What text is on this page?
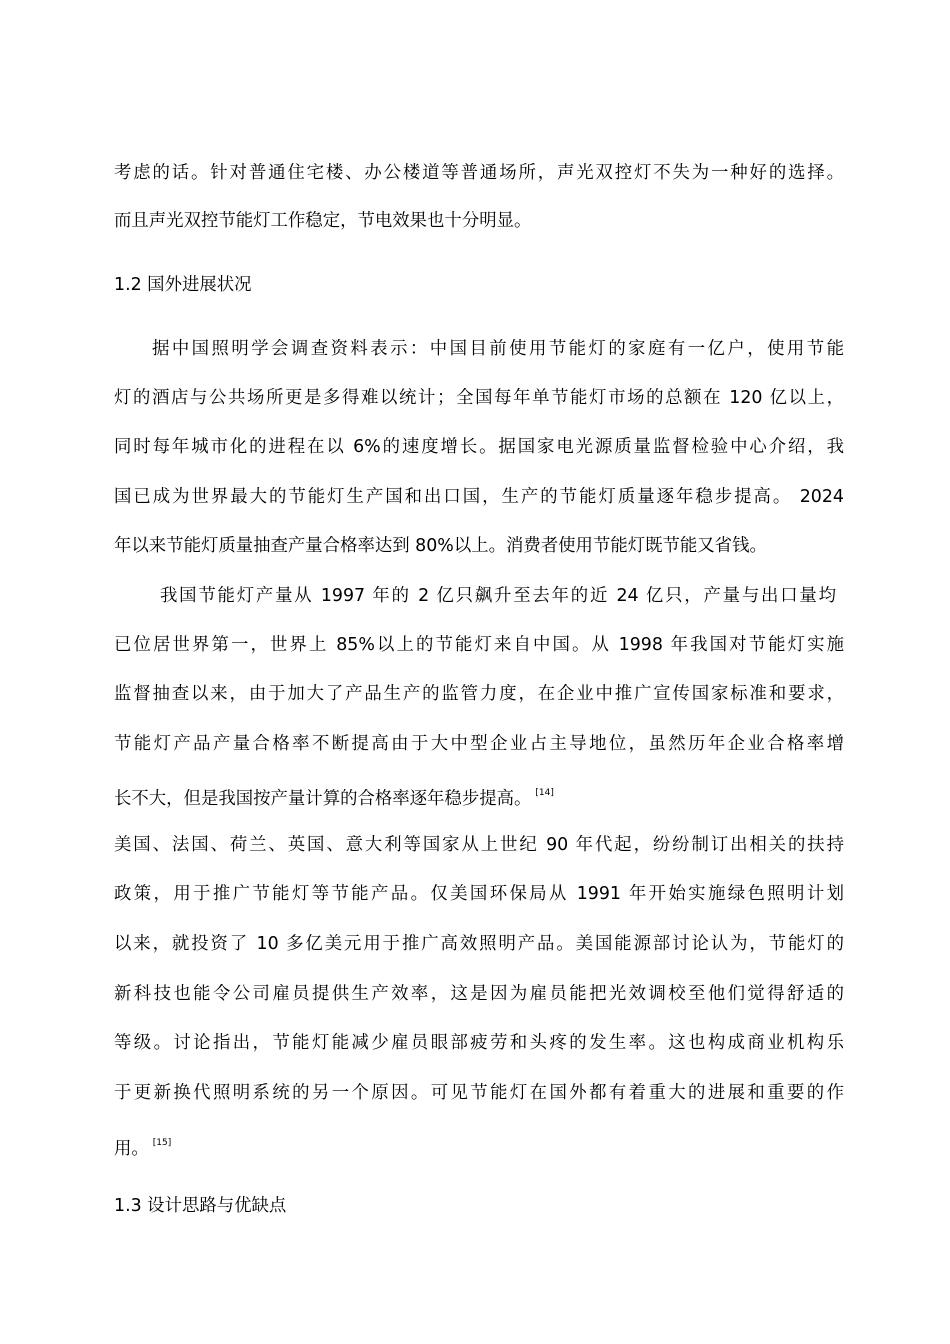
考虑的话。针对普通住宅楼、办公楼道等普通场所，声光双控灯不失为一种好的选择。
而且声光双控节能灯工作稳定，节电效果也十分明显。
1.2 国外进展状况
据中国照明学会调查资料表示：中国目前使用节能灯的家庭有一亿户，使用节能
灯的酒店与公共场所更是多得难以统计；全国每年单节能灯市场的总额在 120 亿以上，
同时每年城市化的进程在以 6%的速度增长。据国家电光源质量监督检验中心介绍，我
国已成为世界最大的节能灯生产国和出口国，生产的节能灯质量逐年稳步提高。 2024
年以来节能灯质量抽查产量合格率达到 80%以上。消费者使用节能灯既节能又省钱。
我国节能灯产量从 1997 年的 2 亿只飙升至去年的近 24 亿只，产量与出口量均
已位居世界第一，世界上 85%以上的节能灯来自中国。从 1998 年我国对节能灯实施
监督抽查以来，由于加大了产品生产的监管力度，在企业中推广宣传国家标准和要求，
节能灯产品产量合格率不断提高由于大中型企业占主导地位，虽然历年企业合格率增
长不大，但是我国按产量计算的合格率逐年稳步提高。 [14]
美国、法国、荷兰、英国、意大利等国家从上世纪 90 年代起，纷纷制订出相关的扶持
政策，用于推广节能灯等节能产品。仅美国环保局从 1991 年开始实施绿色照明计划
以来，就投资了 10 多亿美元用于推广高效照明产品。美国能源部讨论认为，节能灯的
新科技也能令公司雇员提供生产效率，这是因为雇员能把光效调校至他们觉得舒适的
等级。讨论指出，节能灯能减少雇员眼部疲劳和头疼的发生率。这也构成商业机构乐
于更新换代照明系统的另一个原因。可见节能灯在国外都有着重大的进展和重要的作
用。 [15]
1.3 设计思路与优缺点
